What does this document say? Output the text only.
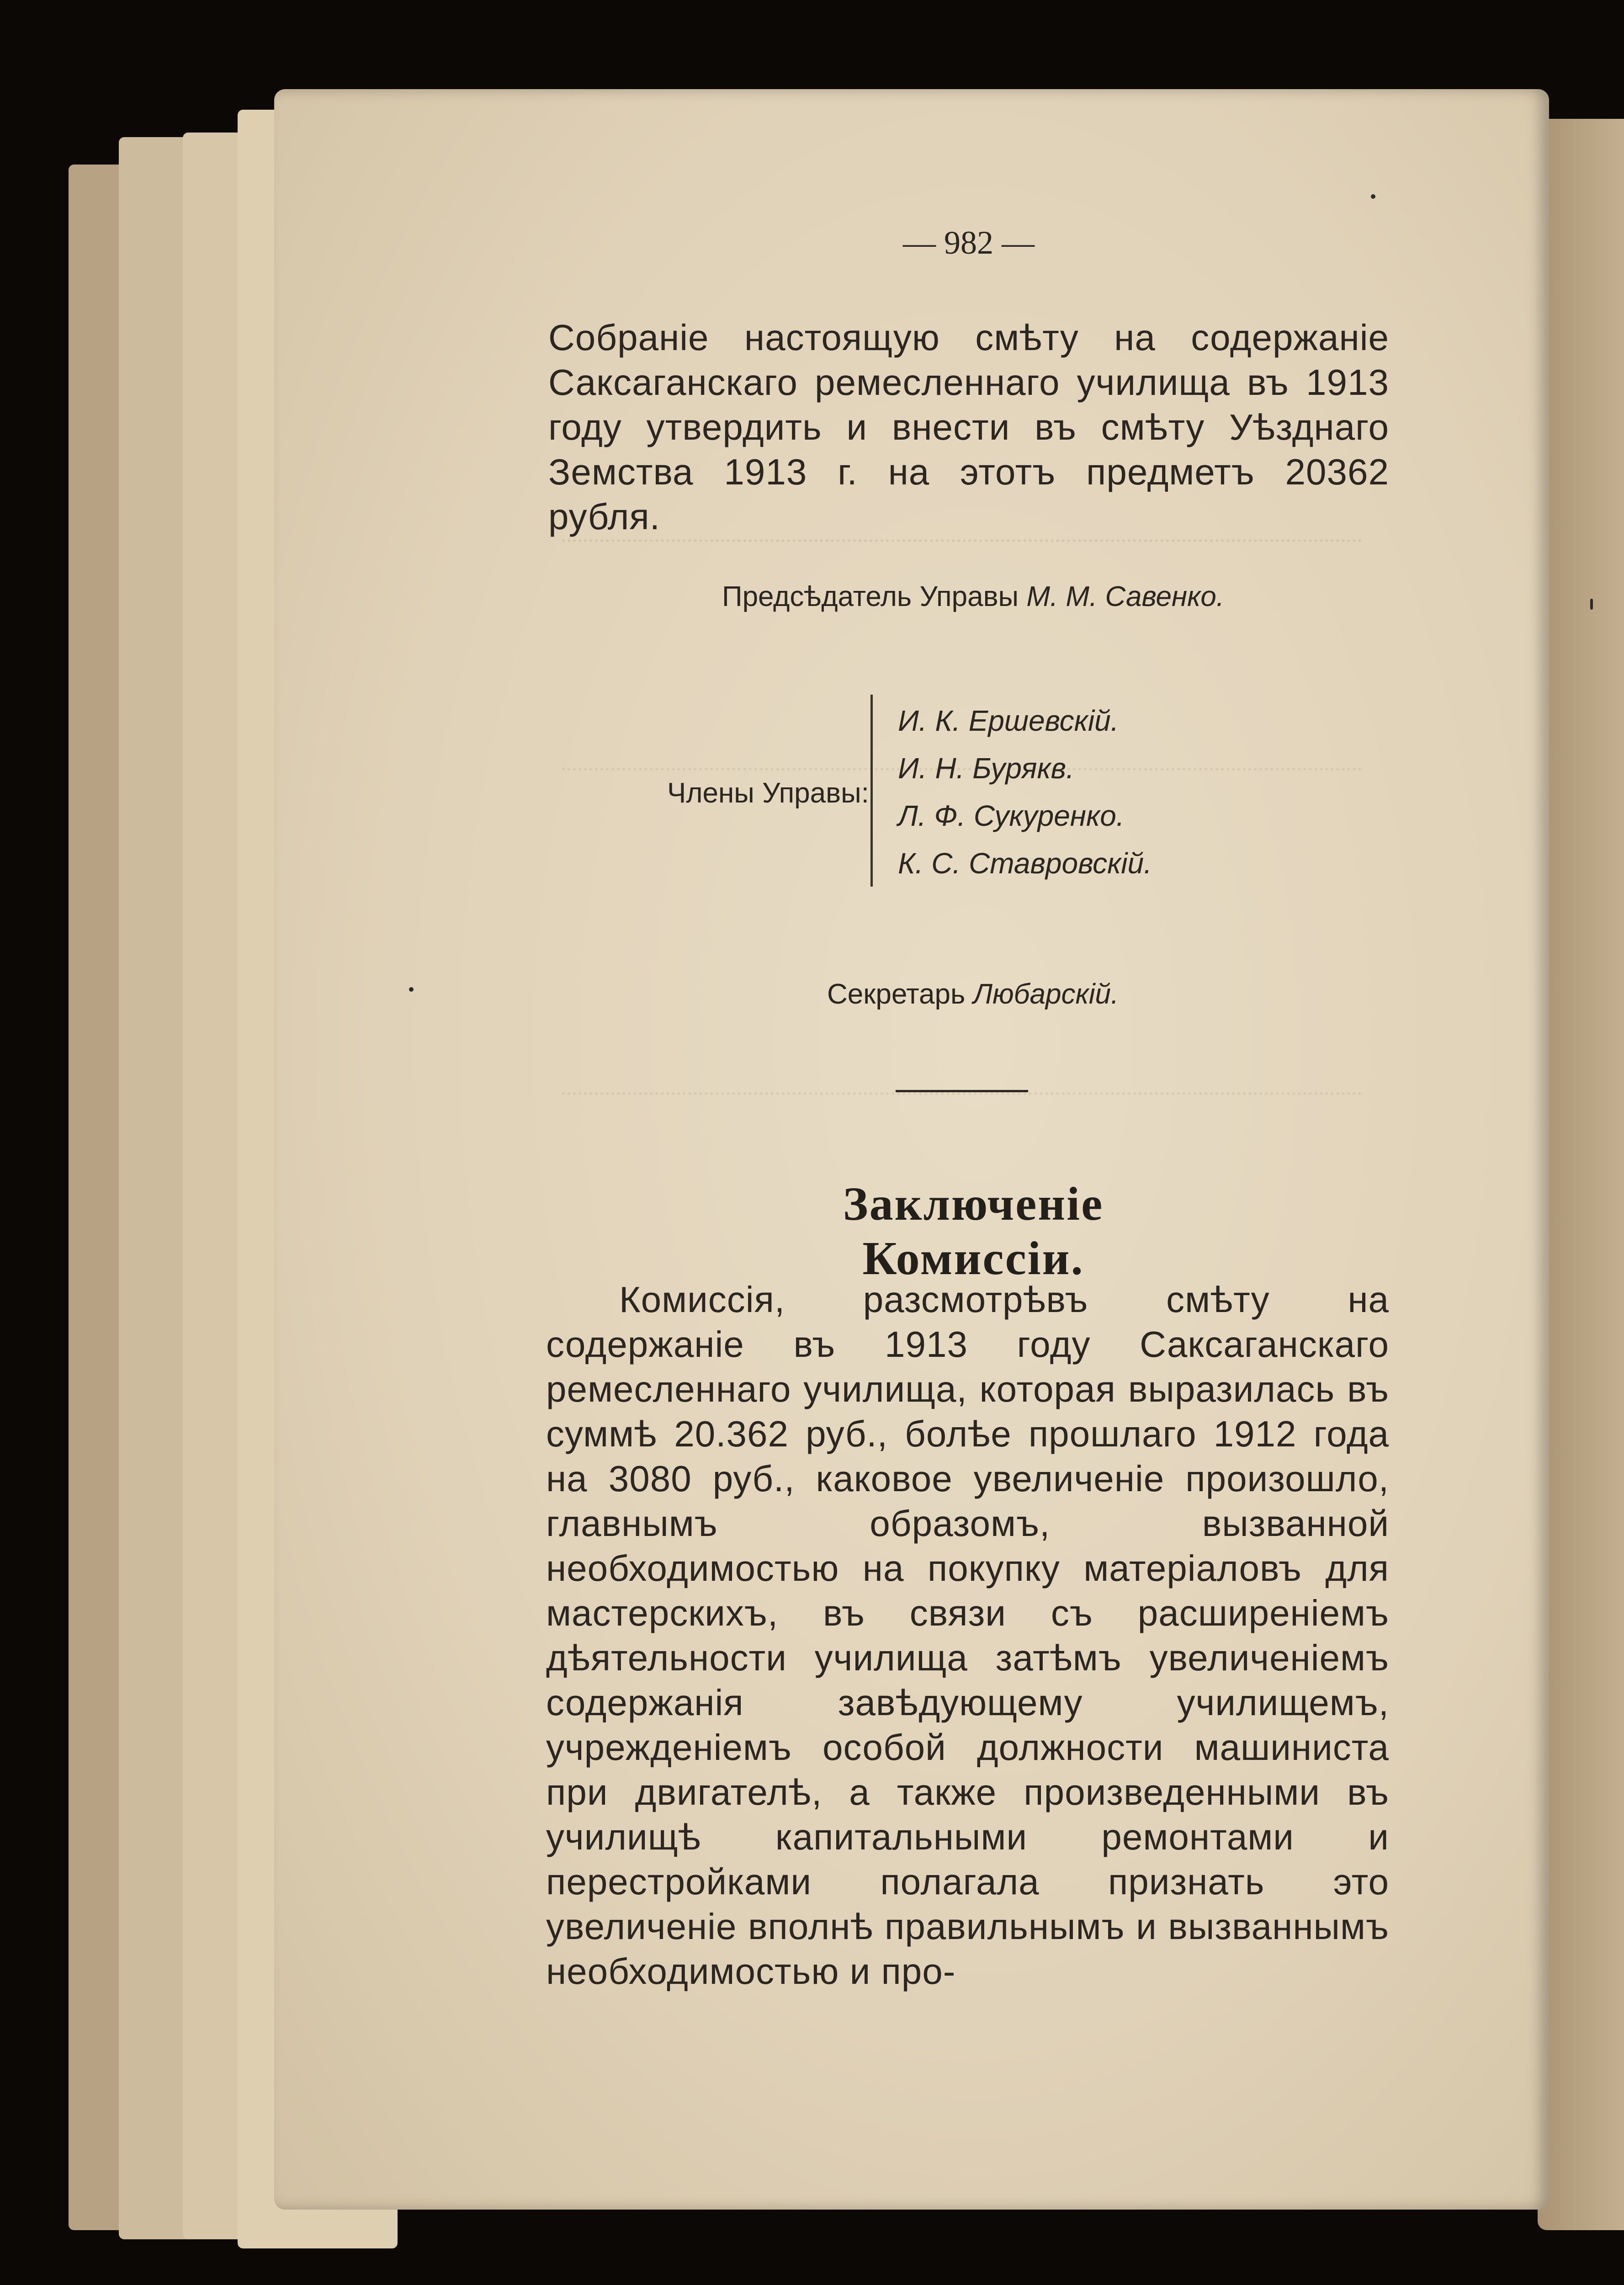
— 982 —

Собраніе настоящую смѣту на содержаніе Саксаганскаго ремесленнаго училища въ 1913 году утвердить и внести въ смѣту Уѣзднаго Земства 1913 г. на этотъ предметъ 20362 рубля.

Предсѣдатель Управы М. М. Савенко.
Члены Управы:
И. К. Ершевскій.
И. Н. Бурякв.
Л. Ф. Сукуренко.
К. С. Ставровскій.
Секретарь Любарскій.
Заключеніе Комиссіи.

Комиссія, разсмотрѣвъ смѣту на содержаніе въ 1913 году Саксаганскаго ремесленнаго училища, которая выразилась въ суммѣ 20.362 руб., болѣе прошлаго 1912 года на 3080 руб., каковое увеличеніе произошло, главнымъ образомъ, вызванной необходимостью на покупку матеріаловъ для мастерскихъ, въ связи съ расширеніемъ дѣятельности училища затѣмъ увеличеніемъ содержанія завѣдующему училищемъ, учрежденіемъ особой должности машиниста при двигателѣ, а также произведенными въ училищѣ капитальными ремонтами и перестройками полагала признать это увеличеніе вполнѣ правильнымъ и вызваннымъ необходимостью и про-
